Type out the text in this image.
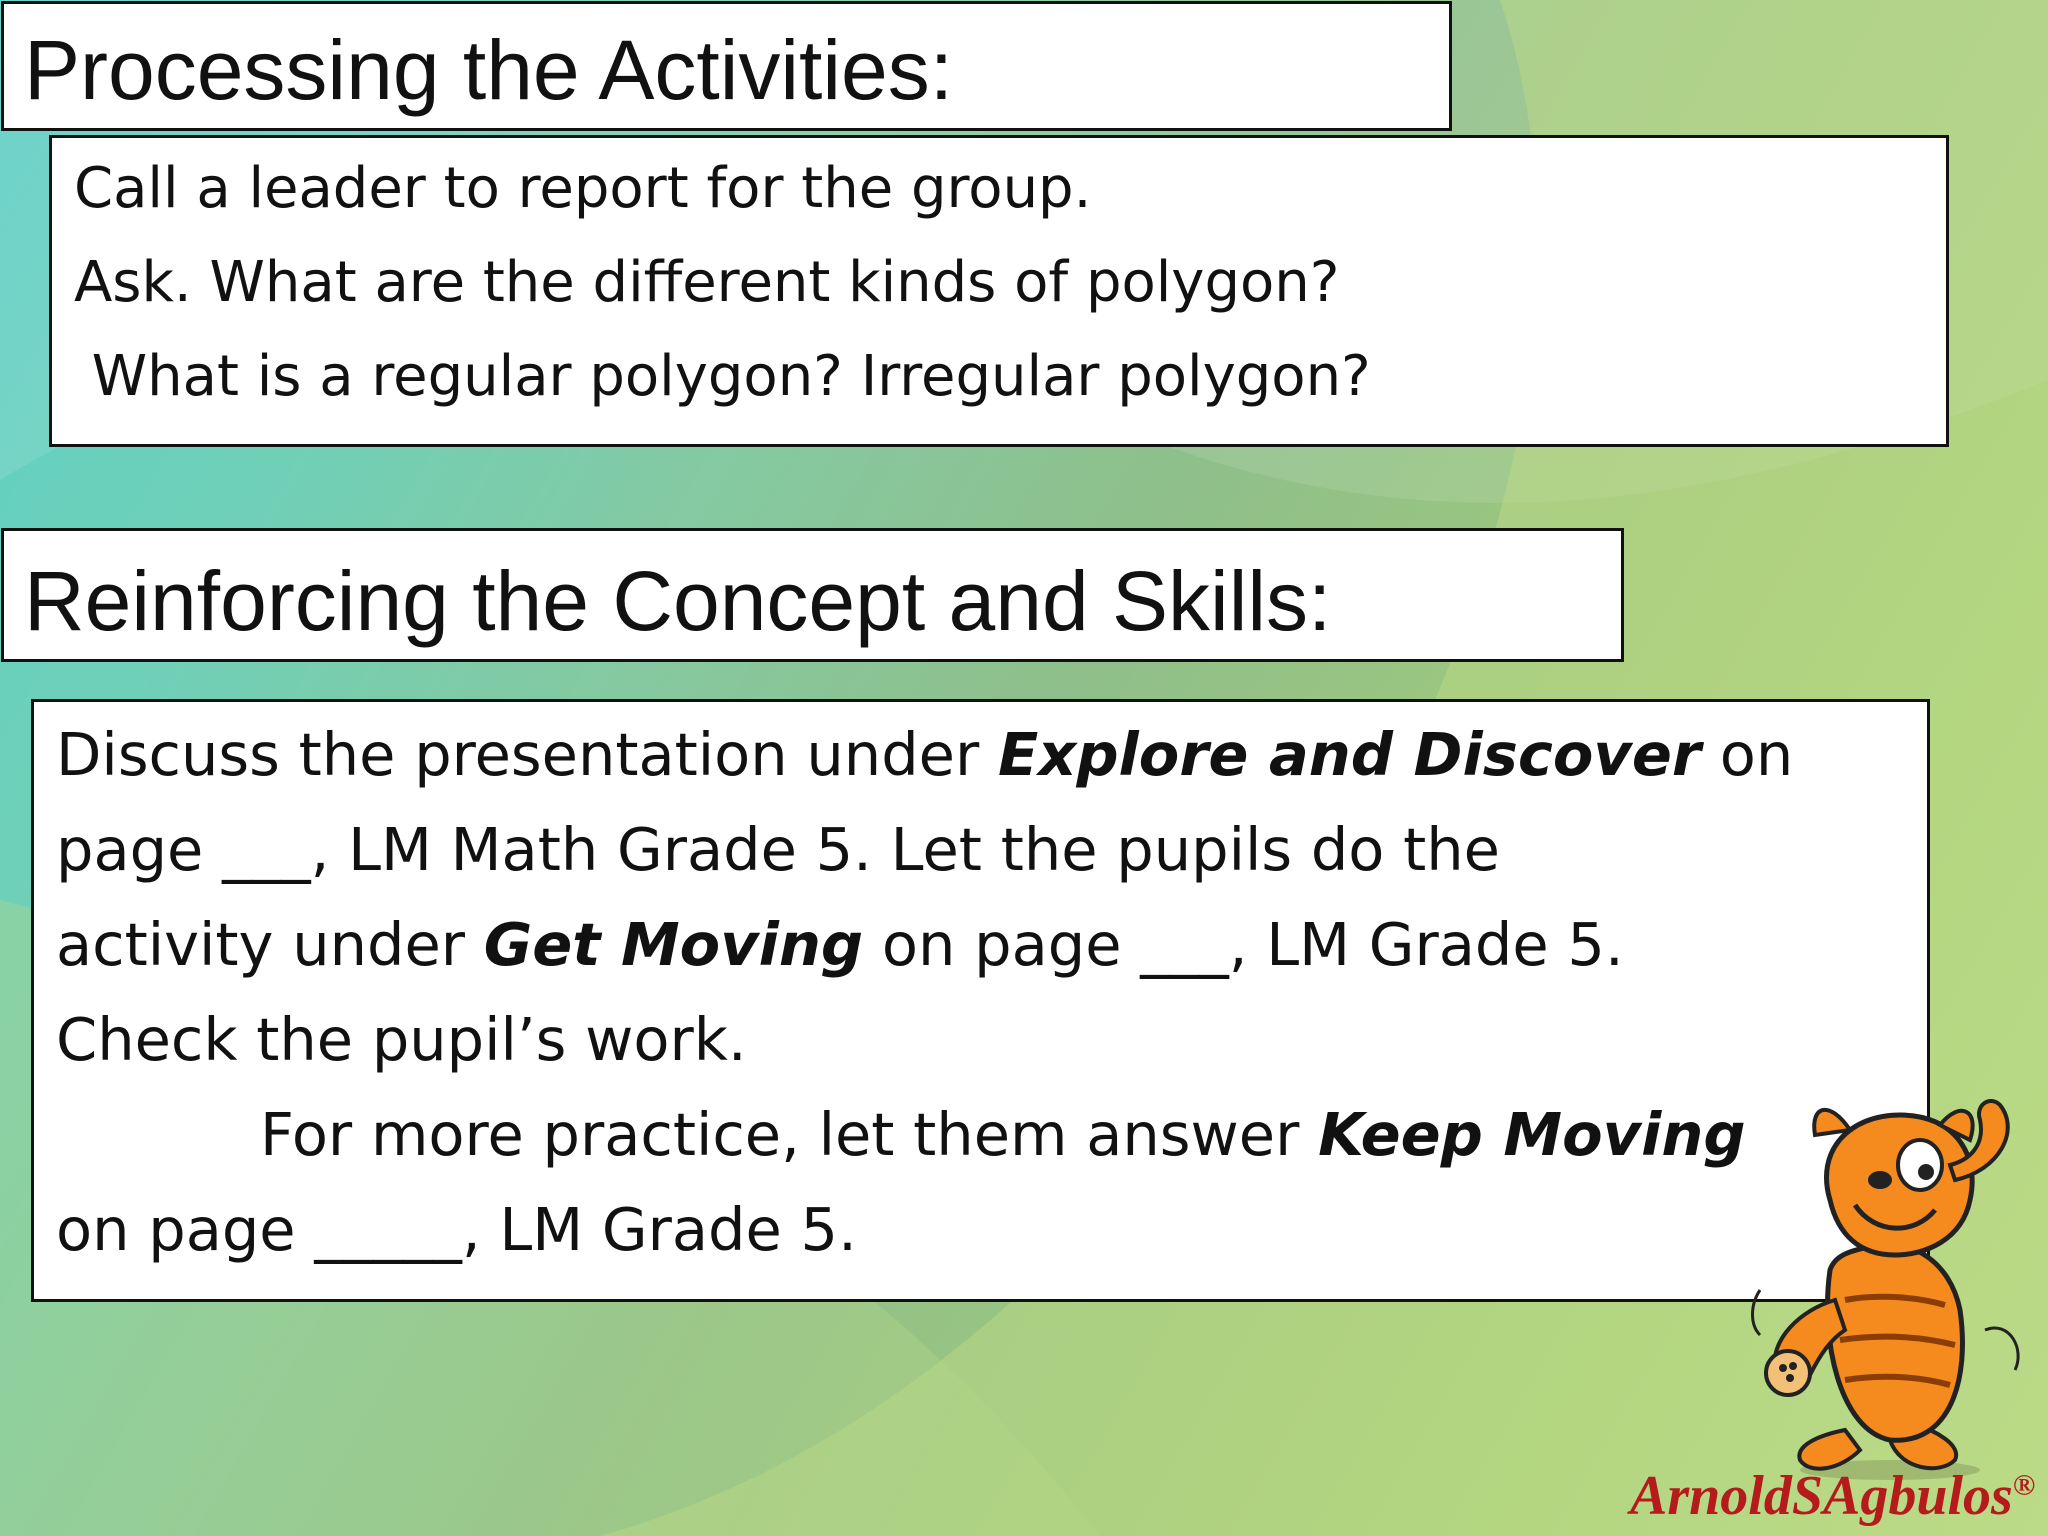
Processing the Activities:
Call a leader to report for the group.
Ask. What are the different kinds of polygon?
What is a regular polygon? Irregular polygon?
Reinforcing the Concept and Skills:
Discuss the presentation under Explore and Discover on
page ___, LM Math Grade 5. Let the pupils do the
activity under Get Moving on page ___, LM Grade 5.
Check the pupil’s work.
For more practice, let them answer Keep Moving
on page _____, LM Grade 5.
ArnoldSAgbulos®
